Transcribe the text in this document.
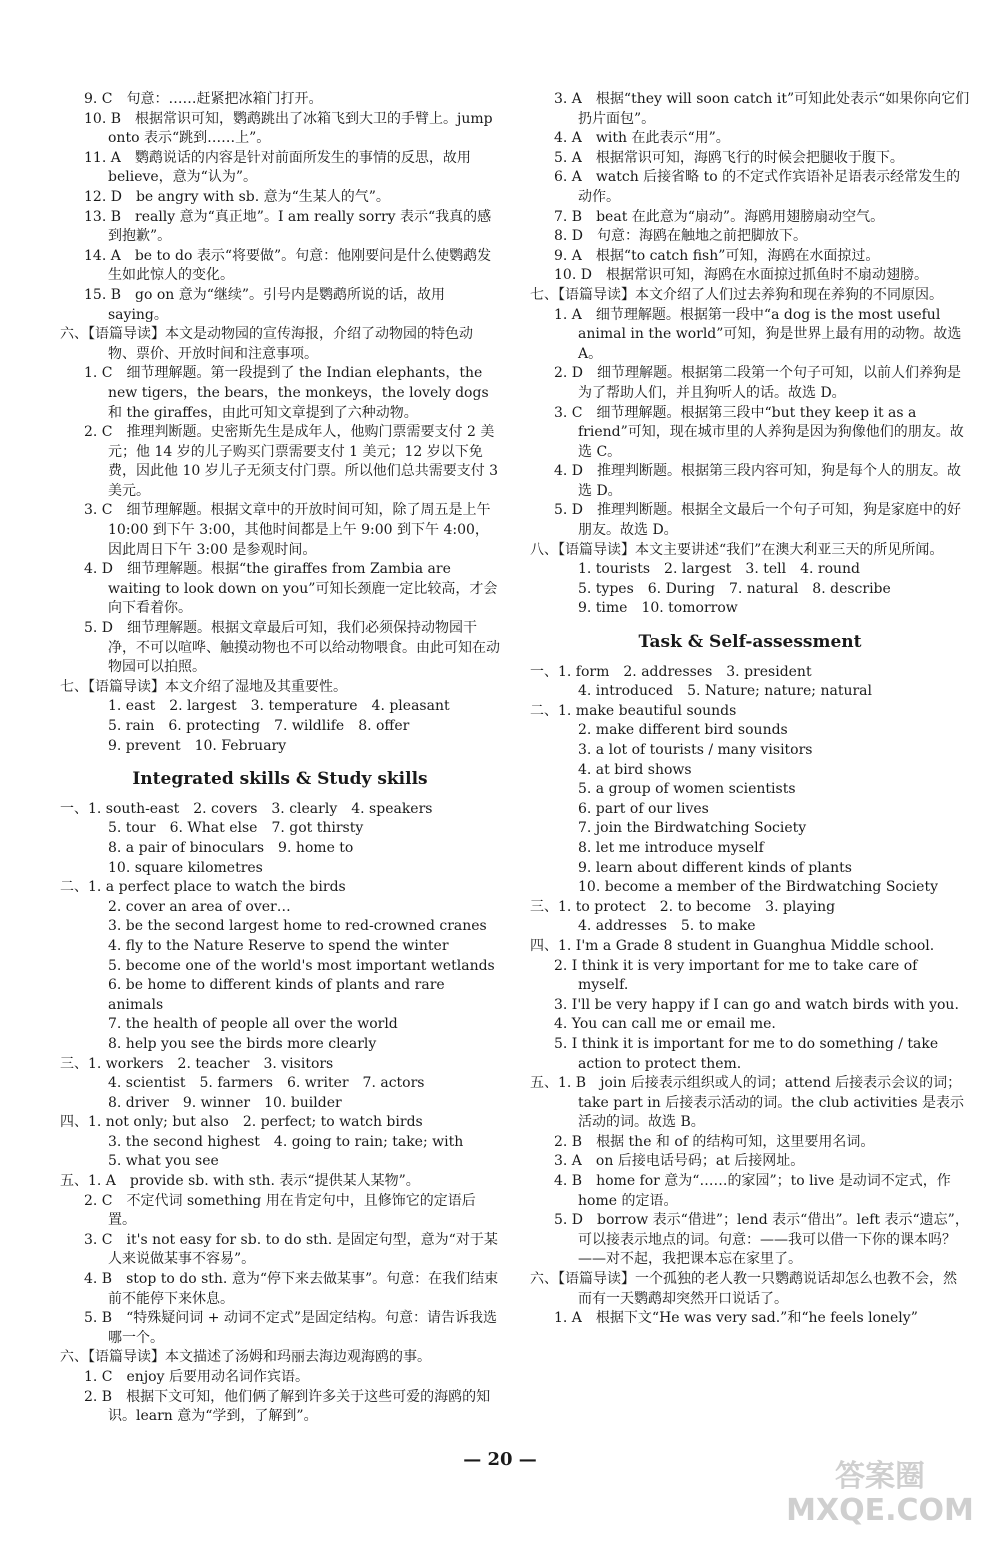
9. C　句意：……赶紧把冰箱门打开。

10. B　根据常识可知，鹦鹉跳出了冰箱飞到大卫的手臂上。jump onto 表示“跳到……上”。

11. A　鹦鹉说话的内容是针对前面所发生的事情的反思，故用 believe，意为“认为”。

12. D　be angry with sb. 意为“生某人的气”。

13. B　really 意为“真正地”。I am really sorry 表示“我真的感到抱歉”。

14. A　be to do 表示“将要做”。句意：他刚要问是什么使鹦鹉发生如此惊人的变化。

15. B　go on 意为“继续”。引号内是鹦鹉所说的话，故用 saying。

六、【语篇导读】本文是动物园的宣传海报，介绍了动物园的特色动物、票价、开放时间和注意事项。

1. C　细节理解题。第一段提到了 the Indian elephants，the new tigers，the bears，the monkeys，the lovely dogs 和 the giraffes，由此可知文章提到了六种动物。

2. C　推理判断题。史密斯先生是成年人，他购门票需要支付 2 美元；他 14 岁的儿子购买门票需要支付 1 美元；12 岁以下免费，因此他 10 岁儿子无须支付门票。所以他们总共需要支付 3 美元。

3. C　细节理解题。根据文章中的开放时间可知，除了周五是上午 10:00 到下午 3:00，其他时间都是上午 9:00 到下午 4:00，因此周日下午 3:00 是参观时间。

4. D　细节理解题。根据“the giraffes from Zambia are waiting to look down on you”可知长颈鹿一定比较高，才会向下看着你。

5. D　细节理解题。根据文章最后可知，我们必须保持动物园干净，不可以喧哗、触摸动物也不可以给动物喂食。由此可知在动物园可以拍照。

七、【语篇导读】本文介绍了湿地及其重要性。

1. east　2. largest　3. temperature　4. pleasant

5. rain　6. protecting　7. wildlife　8. offer

9. prevent　10. February

Integrated skills & Study skills

一、1. south-east　2. covers　3. clearly　4. speakers

5. tour　6. What else　7. got thirsty

8. a pair of binoculars　9. home to

10. square kilometres

二、1. a perfect place to watch the birds

2. cover an area of over…

3. be the second largest home to red-crowned cranes

4. fly to the Nature Reserve to spend the winter

5. become one of the world's most important wetlands

6. be home to different kinds of plants and rare animals

7. the health of people all over the world

8. help you see the birds more clearly

三、1. workers　2. teacher　3. visitors

4. scientist　5. farmers　6. writer　7. actors

8. driver　9. winner　10. builder

四、1. not only; but also　2. perfect; to watch birds

3. the second highest　4. going to rain; take; with

5. what you see

五、1. A　provide sb. with sth. 表示“提供某人某物”。

2. C　不定代词 something 用在肯定句中，且修饰它的定语后置。

3. C　it's not easy for sb. to do sth. 是固定句型，意为“对于某人来说做某事不容易”。

4. B　stop to do sth. 意为“停下来去做某事”。句意：在我们结束前不能停下来休息。

5. B　“特殊疑问词 + 动词不定式”是固定结构。句意：请告诉我选哪一个。

六、【语篇导读】本文描述了汤姆和玛丽去海边观海鸥的事。

1. C　enjoy 后要用动名词作宾语。

2. B　根据下文可知，他们俩了解到许多关于这些可爱的海鸥的知识。learn 意为“学到，了解到”。

3. A　根据“they will soon catch it”可知此处表示“如果你向它们扔片面包”。

4. A　with 在此表示“用”。

5. A　根据常识可知，海鸥飞行的时候会把腿收于腹下。

6. A　watch 后接省略 to 的不定式作宾语补足语表示经常发生的动作。

7. B　beat 在此意为“扇动”。海鸥用翅膀扇动空气。

8. D　句意：海鸥在触地之前把脚放下。

9. A　根据“to catch fish”可知，海鸥在水面掠过。

10. D　根据常识可知，海鸥在水面掠过抓鱼时不扇动翅膀。

七、【语篇导读】本文介绍了人们过去养狗和现在养狗的不同原因。

1. A　细节理解题。根据第一段中“a dog is the most useful animal in the world”可知，狗是世界上最有用的动物。故选 A。

2. D　细节理解题。根据第二段第一个句子可知，以前人们养狗是为了帮助人们，并且狗听人的话。故选 D。

3. C　细节理解题。根据第三段中“but they keep it as a friend”可知，现在城市里的人养狗是因为狗像他们的朋友。故选 C。

4. D　推理判断题。根据第三段内容可知，狗是每个人的朋友。故选 D。

5. D　推理判断题。根据全文最后一个句子可知，狗是家庭中的好朋友。故选 D。

八、【语篇导读】本文主要讲述“我们”在澳大利亚三天的所见所闻。

1. tourists　2. largest　3. tell　4. round

5. types　6. During　7. natural　8. describe

9. time　10. tomorrow

Task & Self-assessment

一、1. form　2. addresses　3. president

4. introduced　5. Nature; nature; natural

二、1. make beautiful sounds

2. make different bird sounds

3. a lot of tourists / many visitors

4. at bird shows

5. a group of women scientists

6. part of our lives

7. join the Birdwatching Society

8. let me introduce myself

9. learn about different kinds of plants

10. become a member of the Birdwatching Society

三、1. to protect　2. to become　3. playing

4. addresses　5. to make

四、1. I'm a Grade 8 student in Guanghua Middle school.

2. I think it is very important for me to take care of myself.

3. I'll be very happy if I can go and watch birds with you.

4. You can call me or email me.

5. I think it is important for me to do something / take action to protect them.

五、1. B　join 后接表示组织或人的词；attend 后接表示会议的词；take part in 后接表示活动的词。the club activities 是表示活动的词。故选 B。

2. B　根据 the 和 of 的结构可知，这里要用名词。

3. A　on 后接电话号码；at 后接网址。

4. B　home for 意为“……的家园”；to live 是动词不定式，作 home 的定语。

5. D　borrow 表示“借进”；lend 表示“借出”。left 表示“遗忘”，可以接表示地点的词。句意：——我可以借一下你的课本吗？——对不起，我把课本忘在家里了。

六、【语篇导读】一个孤独的老人教一只鹦鹉说话却怎么也教不会，然而有一天鹦鹉却突然开口说话了。

1. A　根据下文“He was very sad.”和“he feels lonely”

— 20 —	答案圈
MXQE.COM
